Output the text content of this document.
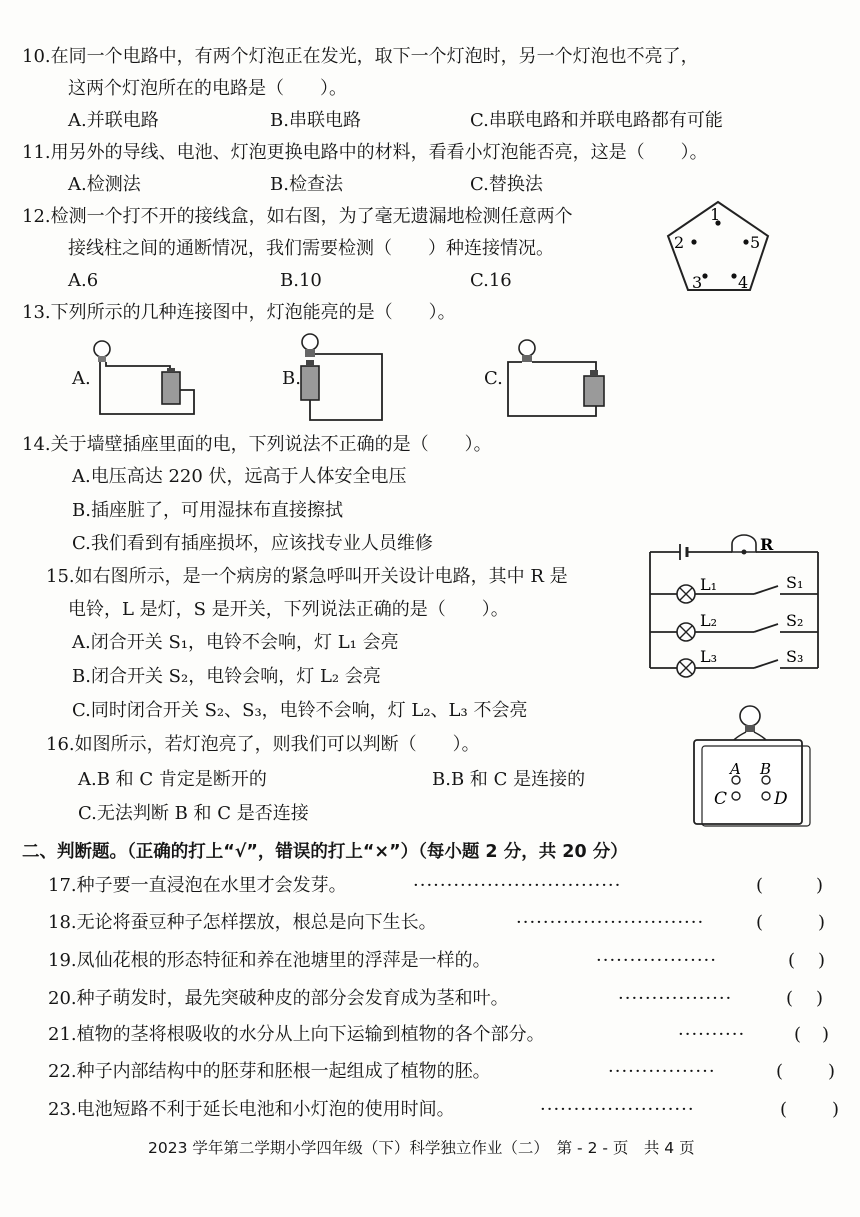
10.在同一个电路中，有两个灯泡正在发光，取下一个灯泡时，另一个灯泡也不亮了，
这两个灯泡所在的电路是（　　）。
A.并联电路	B.串联电路	C.串联电路和并联电路都有可能
11.用另外的导线、电池、灯泡更换电路中的材料，看看小灯泡能否亮，这是（　　）。
A.检测法	B.检查法	C.替换法
12.检测一个打不开的接线盒，如右图，为了毫无遗漏地检测任意两个
接线柱之间的通断情况，我们需要检测（　　）种连接情况。
A.6	B.10	C.16
1
2	5
3 4
13.下列所示的几种连接图中，灯泡能亮的是（　　）。
A.	B.	C.
14.关于墙壁插座里面的电，下列说法不正确的是（　　）。
A.电压高达 220 伏，远高于人体安全电压
B.插座脏了，可用湿抹布直接擦拭
C.我们看到有插座损坏，应该找专业人员维修
15.如右图所示，是一个病房的紧急呼叫开关设计电路，其中 R 是
电铃，L 是灯，S 是开关，下列说法正确的是（　　）。
A.闭合开关 S₁，电铃不会响，灯 L₁ 会亮
B.闭合开关 S₂，电铃会响，灯 L₂ 会亮
C.同时闭合开关 S₂、S₃，电铃不会响，灯 L₂、L₃ 不会亮
R
L₁	S₁
L₂	S₂
L₃	S₃
16.如图所示，若灯泡亮了，则我们可以判断（　　）。
A.B 和 C 肯定是断开的	B.B 和 C 是连接的
C.无法判断 B 和 C 是否连接
A B
C	D
二、判断题。（正确的打上“√”，错误的打上“×”）（每小题 2 分，共 20 分）
17.种子要一直浸泡在水里才会发芽。	·······························	(	)
18.无论将蚕豆种子怎样摆放，根总是向下生长。	····························	(	)
19.凤仙花根的形态特征和养在池塘里的浮萍是一样的。	··················	( )
20.种子萌发时，最先突破种皮的部分会发育成为茎和叶。	·················	( )
21.植物的茎将根吸收的水分从上向下运输到植物的各个部分。	··········	( )
22.种子内部结构中的胚芽和胚根一起组成了植物的胚。	················	( )
23.电池短路不利于延长电池和小灯泡的使用时间。	·······················	( )
2023 学年第二学期小学四年级（下）科学独立作业（二）　第 - 2 - 页　共 4 页
